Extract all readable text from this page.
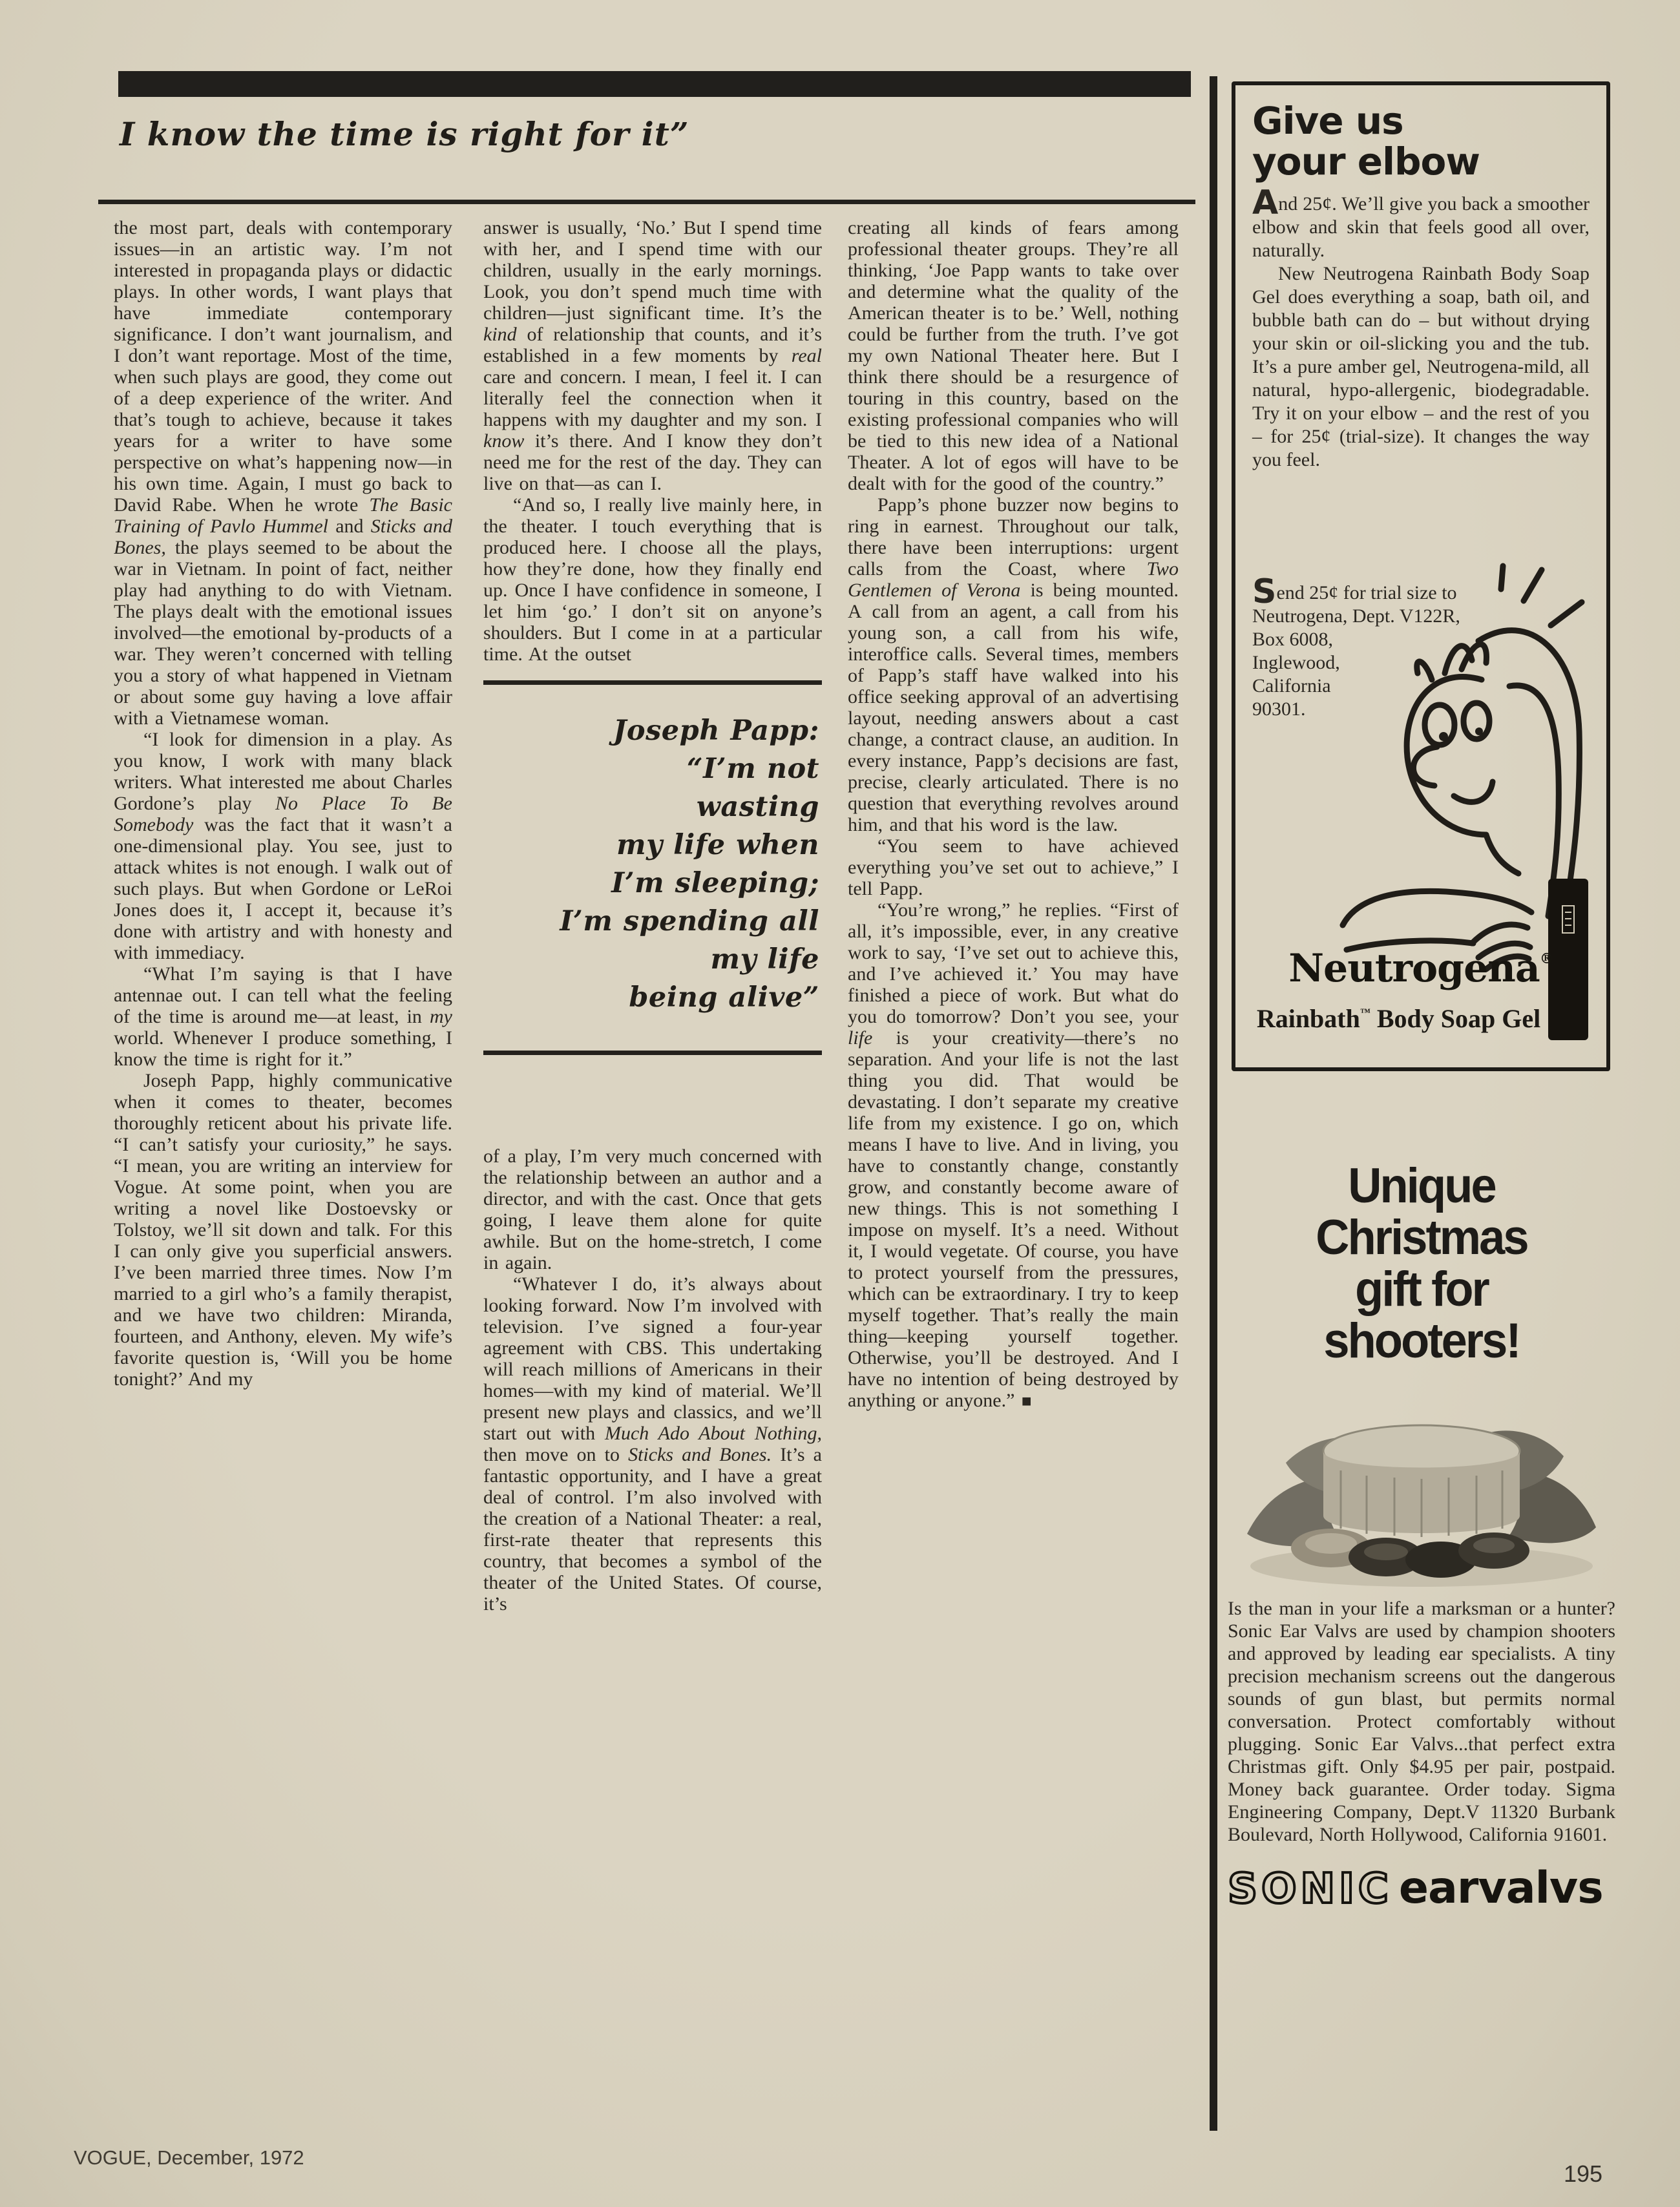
I know the time is right for it”

the most part, deals with contemporary issues—in an artistic way. I’m not interested in propaganda plays or didactic plays. In other words, I want plays that have immediate contemporary significance. I don’t want journalism, and I don’t want reportage. Most of the time, when such plays are good, they come out of a deep experience of the writer. And that’s tough to achieve, because it takes years for a writer to have some perspective on what’s happening now—in his own time. Again, I must go back to David Rabe. When he wrote The Basic Training of Pavlo Hummel and Sticks and Bones, the plays seemed to be about the war in Vietnam. In point of fact, neither play had anything to do with Vietnam. The plays dealt with the emotional issues involved—the emotional by-products of a war. They weren’t concerned with telling you a story of what happened in Vietnam or about some guy having a love affair with a Vietnamese woman.

“I look for dimension in a play. As you know, I work with many black writers. What interested me about Charles Gordone’s play No Place To Be Somebody was the fact that it wasn’t a one-dimensional play. You see, just to attack whites is not enough. I walk out of such plays. But when Gordone or LeRoi Jones does it, I accept it, because it’s done with artistry and with honesty and with immediacy.

“What I’m saying is that I have antennae out. I can tell what the feeling of the time is around me—at least, in my world. Whenever I produce something, I know the time is right for it.”

Joseph Papp, highly communicative when it comes to theater, becomes thoroughly reticent about his private life. “I can’t satisfy your curiosity,” he says. “I mean, you are writing an interview for Vogue. At some point, when you are writing a novel like Dostoevsky or Tolstoy, we’ll sit down and talk. For this I can only give you superficial answers. I’ve been married three times. Now I’m married to a girl who’s a family therapist, and we have two children: Miranda, fourteen, and Anthony, eleven. My wife’s favorite question is, ‘Will you be home tonight?’ And my

answer is usually, ‘No.’ But I spend time with her, and I spend time with our children, usually in the early mornings. Look, you don’t spend much time with children—just significant time. It’s the kind of relationship that counts, and it’s established in a few moments by real care and concern. I mean, I feel it. I can literally feel the connection when it happens with my daughter and my son. I know it’s there. And I know they don’t need me for the rest of the day. They can live on that—as can I.

“And so, I really live mainly here, in the theater. I touch everything that is produced here. I choose all the plays, how they’re done, how they finally end up. Once I have confidence in someone, I let him ‘go.’ I don’t sit on anyone’s shoulders. But I come in at a particular time. At the outset

Joseph Papp:
“I’m not
wasting
my life when
I’m sleeping;
I’m spending all
my life
being alive”

of a play, I’m very much concerned with the relationship between an author and a director, and with the cast. Once that gets going, I leave them alone for quite awhile. But on the home-stretch, I come in again.

“Whatever I do, it’s always about looking forward. Now I’m involved with television. I’ve signed a four-year agreement with CBS. This undertaking will reach millions of Americans in their homes—with my kind of material. We’ll present new plays and classics, and we’ll start out with Much Ado About Nothing, then move on to Sticks and Bones. It’s a fantastic opportunity, and I have a great deal of control. I’m also involved with the creation of a National Theater: a real, first-rate theater that represents this country, that becomes a symbol of the theater of the United States. Of course, it’s

creating all kinds of fears among professional theater groups. They’re all thinking, ‘Joe Papp wants to take over and determine what the quality of the American theater is to be.’ Well, nothing could be further from the truth. I’ve got my own National Theater here. But I think there should be a resurgence of touring in this country, based on the existing professional companies who will be tied to this new idea of a National Theater. A lot of egos will have to be dealt with for the good of the country.”

Papp’s phone buzzer now begins to ring in earnest. Throughout our talk, there have been interruptions: urgent calls from the Coast, where Two Gentlemen of Verona is being mounted. A call from an agent, a call from his young son, a call from his wife, interoffice calls. Several times, members of Papp’s staff have walked into his office seeking approval of an advertising layout, needing answers about a cast change, a contract clause, an audition. In every instance, Papp’s decisions are fast, precise, clearly articulated. There is no question that everything revolves around him, and that his word is the law.

“You seem to have achieved everything you’ve set out to achieve,” I tell Papp.

“You’re wrong,” he replies. “First of all, it’s impossible, ever, in any creative work to say, ‘I’ve set out to achieve this, and I’ve achieved it.’ You may have finished a piece of work. But what do you do tomorrow? Don’t you see, your life is your creativity—there’s no separation. And your life is not the last thing you did. That would be devastating. I don’t separate my creative life from my existence. I go on, which means I have to live. And in living, you have to constantly change, constantly grow, and constantly become aware of new things. This is not something I impose on myself. It’s a need. Without it, I would vegetate. Of course, you have to protect yourself from the pressures, which can be extraordinary. I try to keep myself together. That’s really the main thing—keeping yourself together. Otherwise, you’ll be destroyed. And I have no intention of being destroyed by anything or anyone.” ■

Give us
your elbow

And 25¢. We’ll give you back a smoother elbow and skin that feels good all over, naturally.

New Neutrogena Rainbath Body Soap Gel does everything a soap, bath oil, and bubble bath can do – but without drying your skin or oil-slicking you and the tub. It’s a pure amber gel, Neutrogena-mild, all natural, hypo-allergenic, biodegradable. Try it on your elbow – and the rest of you – for 25¢ (trial-size). It changes the way you feel.

Send 25¢ for trial size to
Neutrogena, Dept. V122R,
Box 6008,
Inglewood,
California
90301.
Neutrogena®
Rainbath™ Body Soap Gel
Unique
Christmas
gift for
shooters!
Is the man in your life a marksman or a hunter? Sonic Ear Valvs are used by champion shooters and approved by leading ear specialists. A tiny precision mechanism screens out the dangerous sounds of gun blast, but permits normal conversation. Protect comfortably without plugging. Sonic Ear Valvs...that perfect extra Christmas gift. Only $4.95 per pair, postpaid. Money back guarantee. Order today. Sigma Engineering Company, Dept.V 11320 Burbank Boulevard, North Hollywood, California 91601.
SONIC earvalvs
VOGUE, December, 1972
195
